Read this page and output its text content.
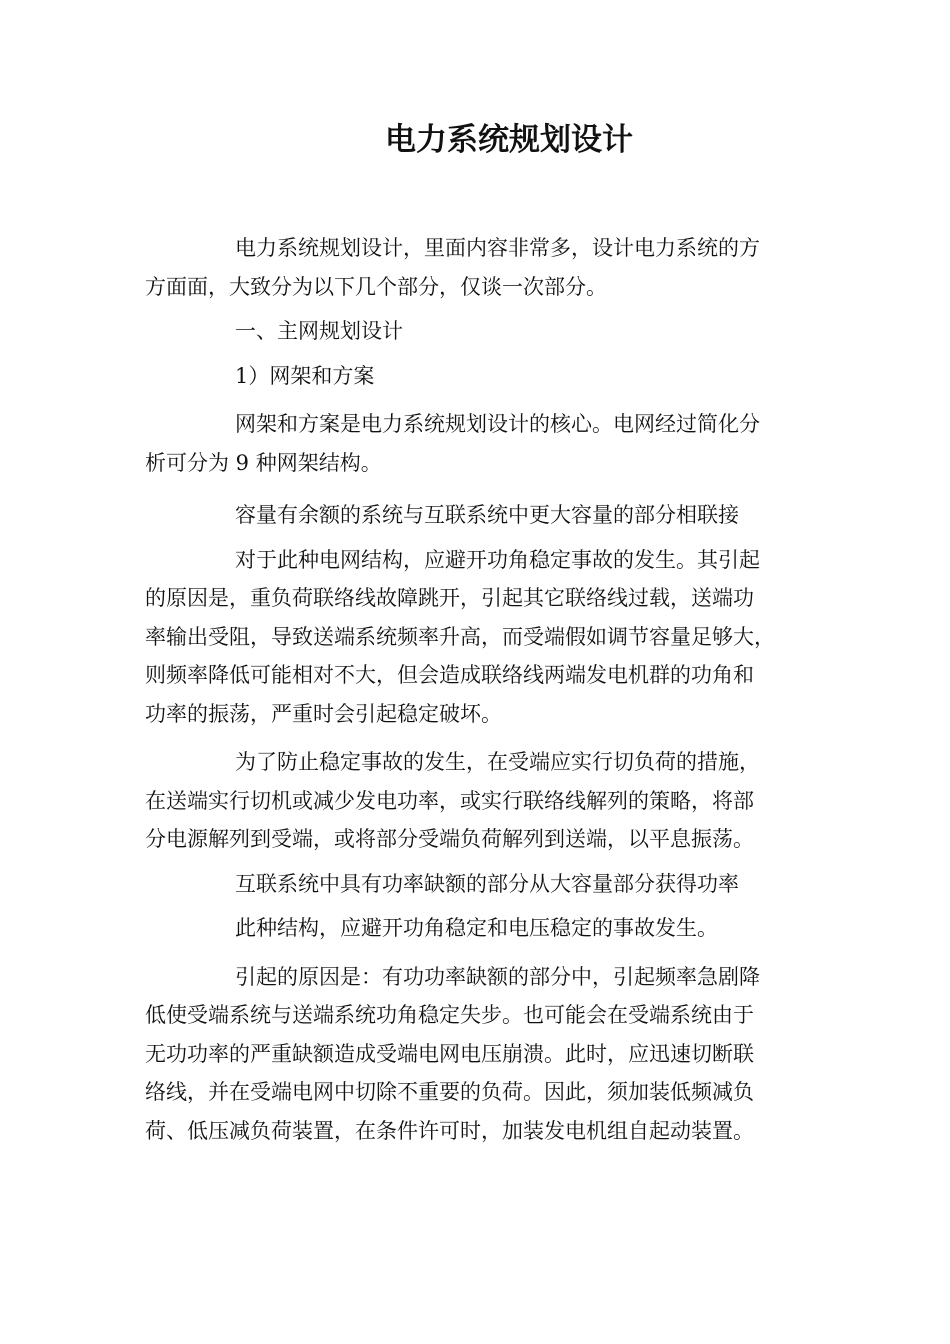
电力系统规划设计
电力系统规划设计，里面内容非常多，设计电力系统的方
方面面，大致分为以下几个部分，仅谈一次部分。
一、主网规划设计
1）网架和方案
网架和方案是电力系统规划设计的核心。电网经过简化分
析可分为 9 种网架结构。
容量有余额的系统与互联系统中更大容量的部分相联接
对于此种电网结构，应避开功角稳定事故的发生。其引起
的原因是，重负荷联络线故障跳开，引起其它联络线过载，送端功
率输出受阻，导致送端系统频率升高，而受端假如调节容量足够大，
则频率降低可能相对不大，但会造成联络线两端发电机群的功角和
功率的振荡，严重时会引起稳定破坏。
为了防止稳定事故的发生，在受端应实行切负荷的措施，
在送端实行切机或减少发电功率，或实行联络线解列的策略，将部
分电源解列到受端，或将部分受端负荷解列到送端，以平息振荡。
互联系统中具有功率缺额的部分从大容量部分获得功率
此种结构，应避开功角稳定和电压稳定的事故发生。
引起的原因是：有功功率缺额的部分中，引起频率急剧降
低使受端系统与送端系统功角稳定失步。也可能会在受端系统由于
无功功率的严重缺额造成受端电网电压崩溃。此时，应迅速切断联
络线，并在受端电网中切除不重要的负荷。因此，须加装低频减负
荷、低压减负荷装置，在条件许可时，加装发电机组自起动装置。
